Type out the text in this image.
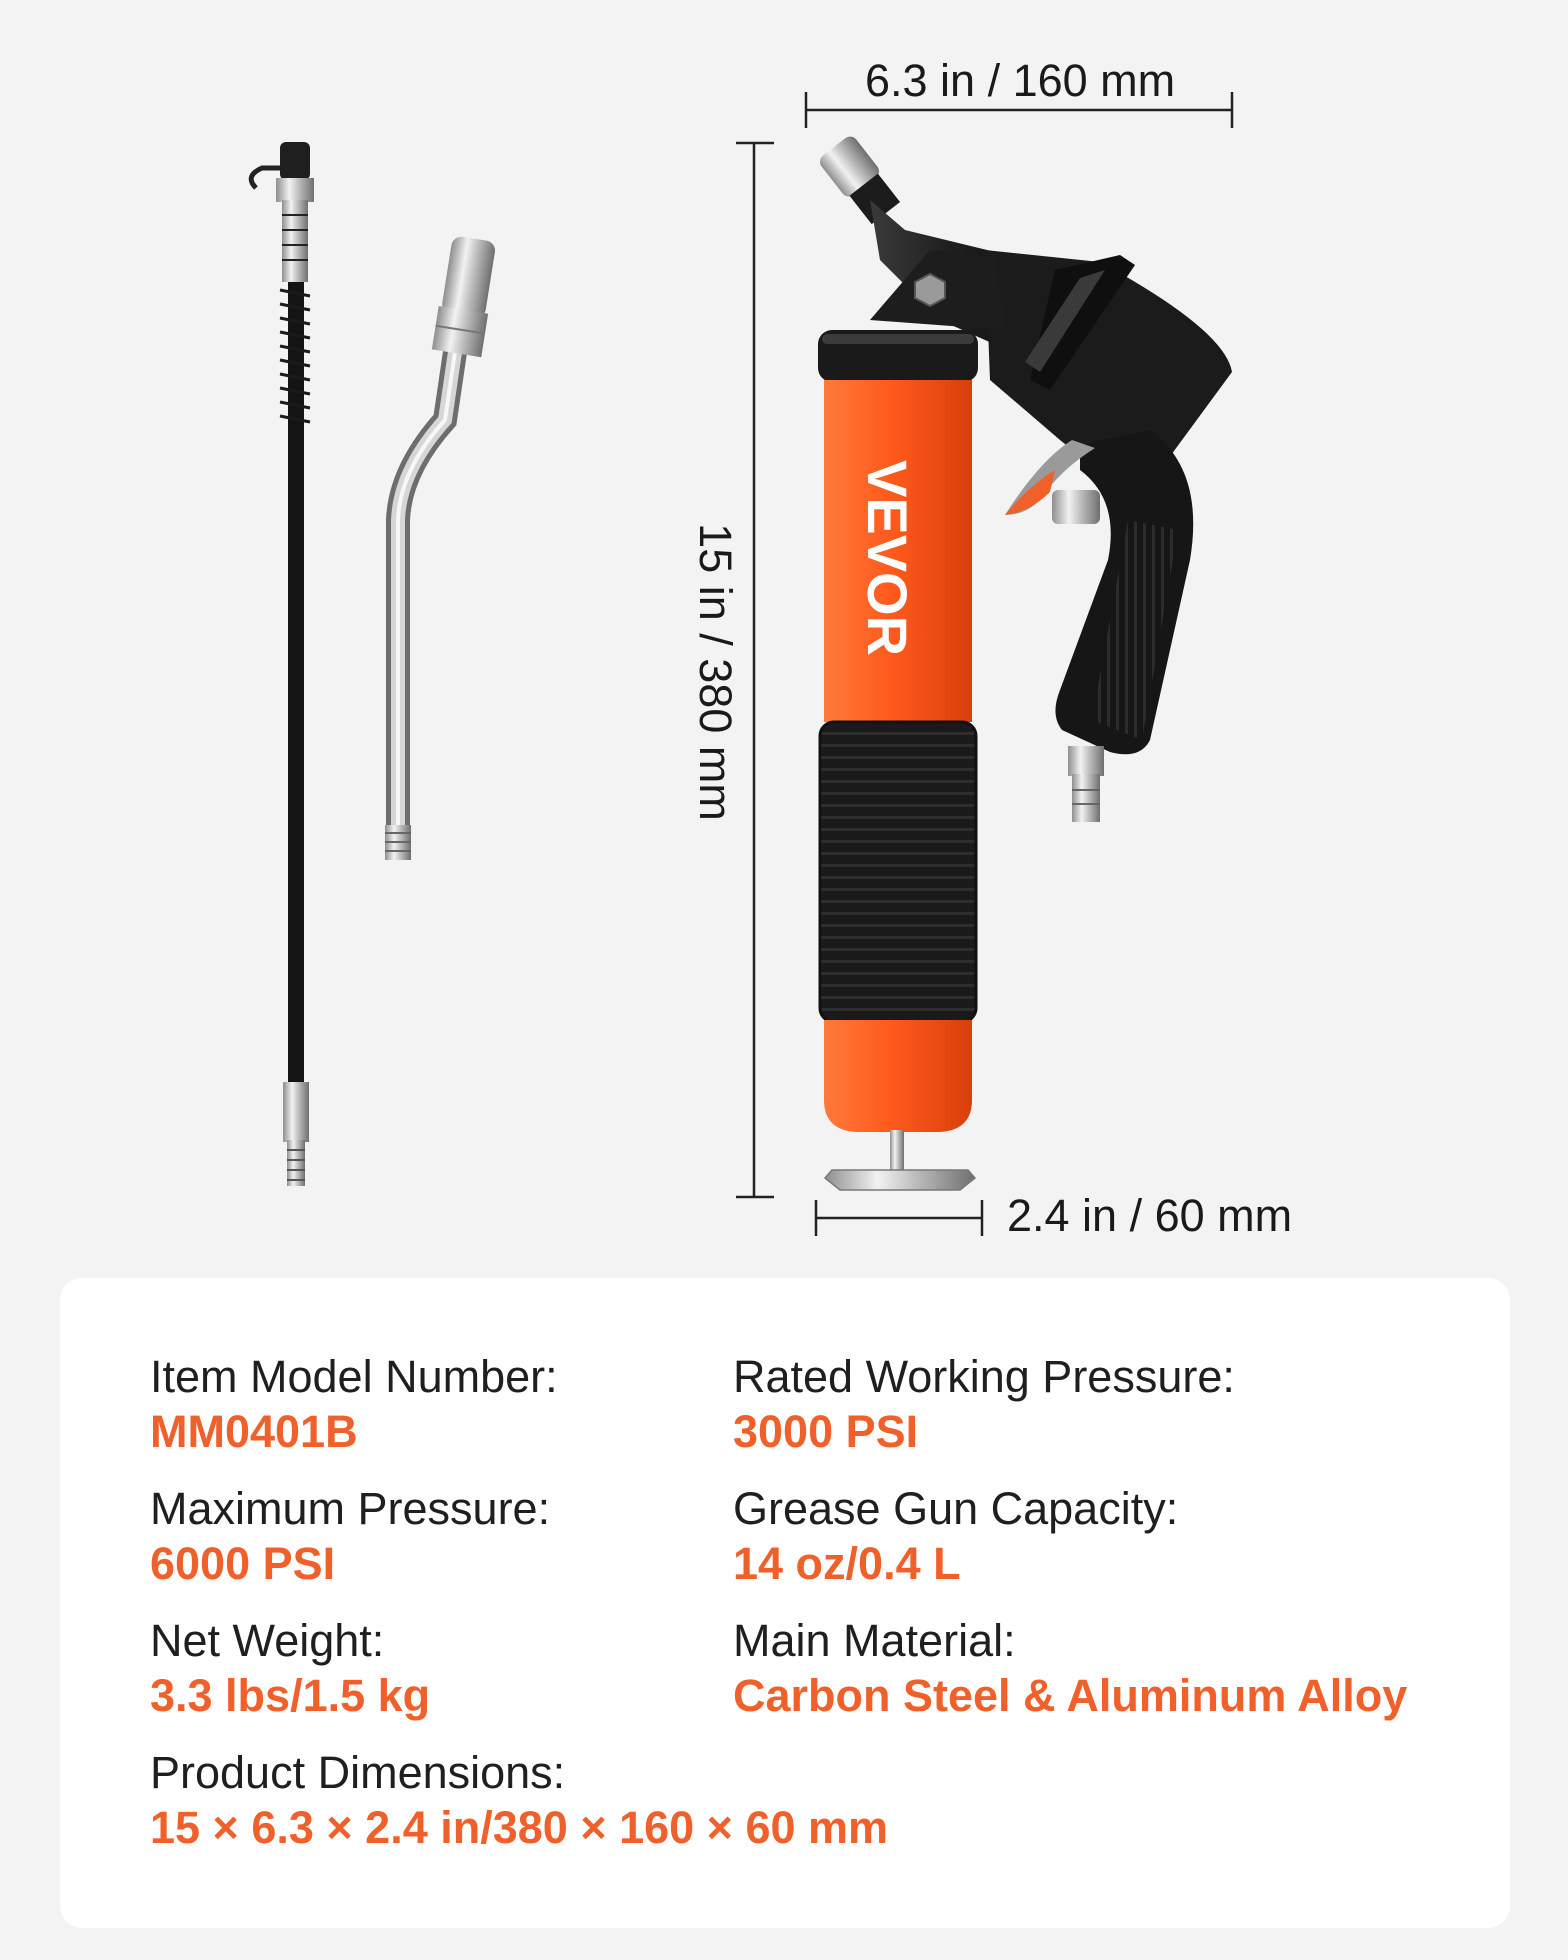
VEVOR
6.3 in / 160 mm
15 in / 380 mm
2.4 in / 60 mm
Item Model Number:
MM0401B
Rated Working Pressure:
3000 PSI
Maximum Pressure:
6000 PSI
Grease Gun Capacity:
14 oz/0.4 L
Net Weight:
3.3 lbs/1.5 kg
Main Material:
Carbon Steel & Aluminum Alloy
Product Dimensions:
15 × 6.3 × 2.4 in/380 × 160 × 60 mm
